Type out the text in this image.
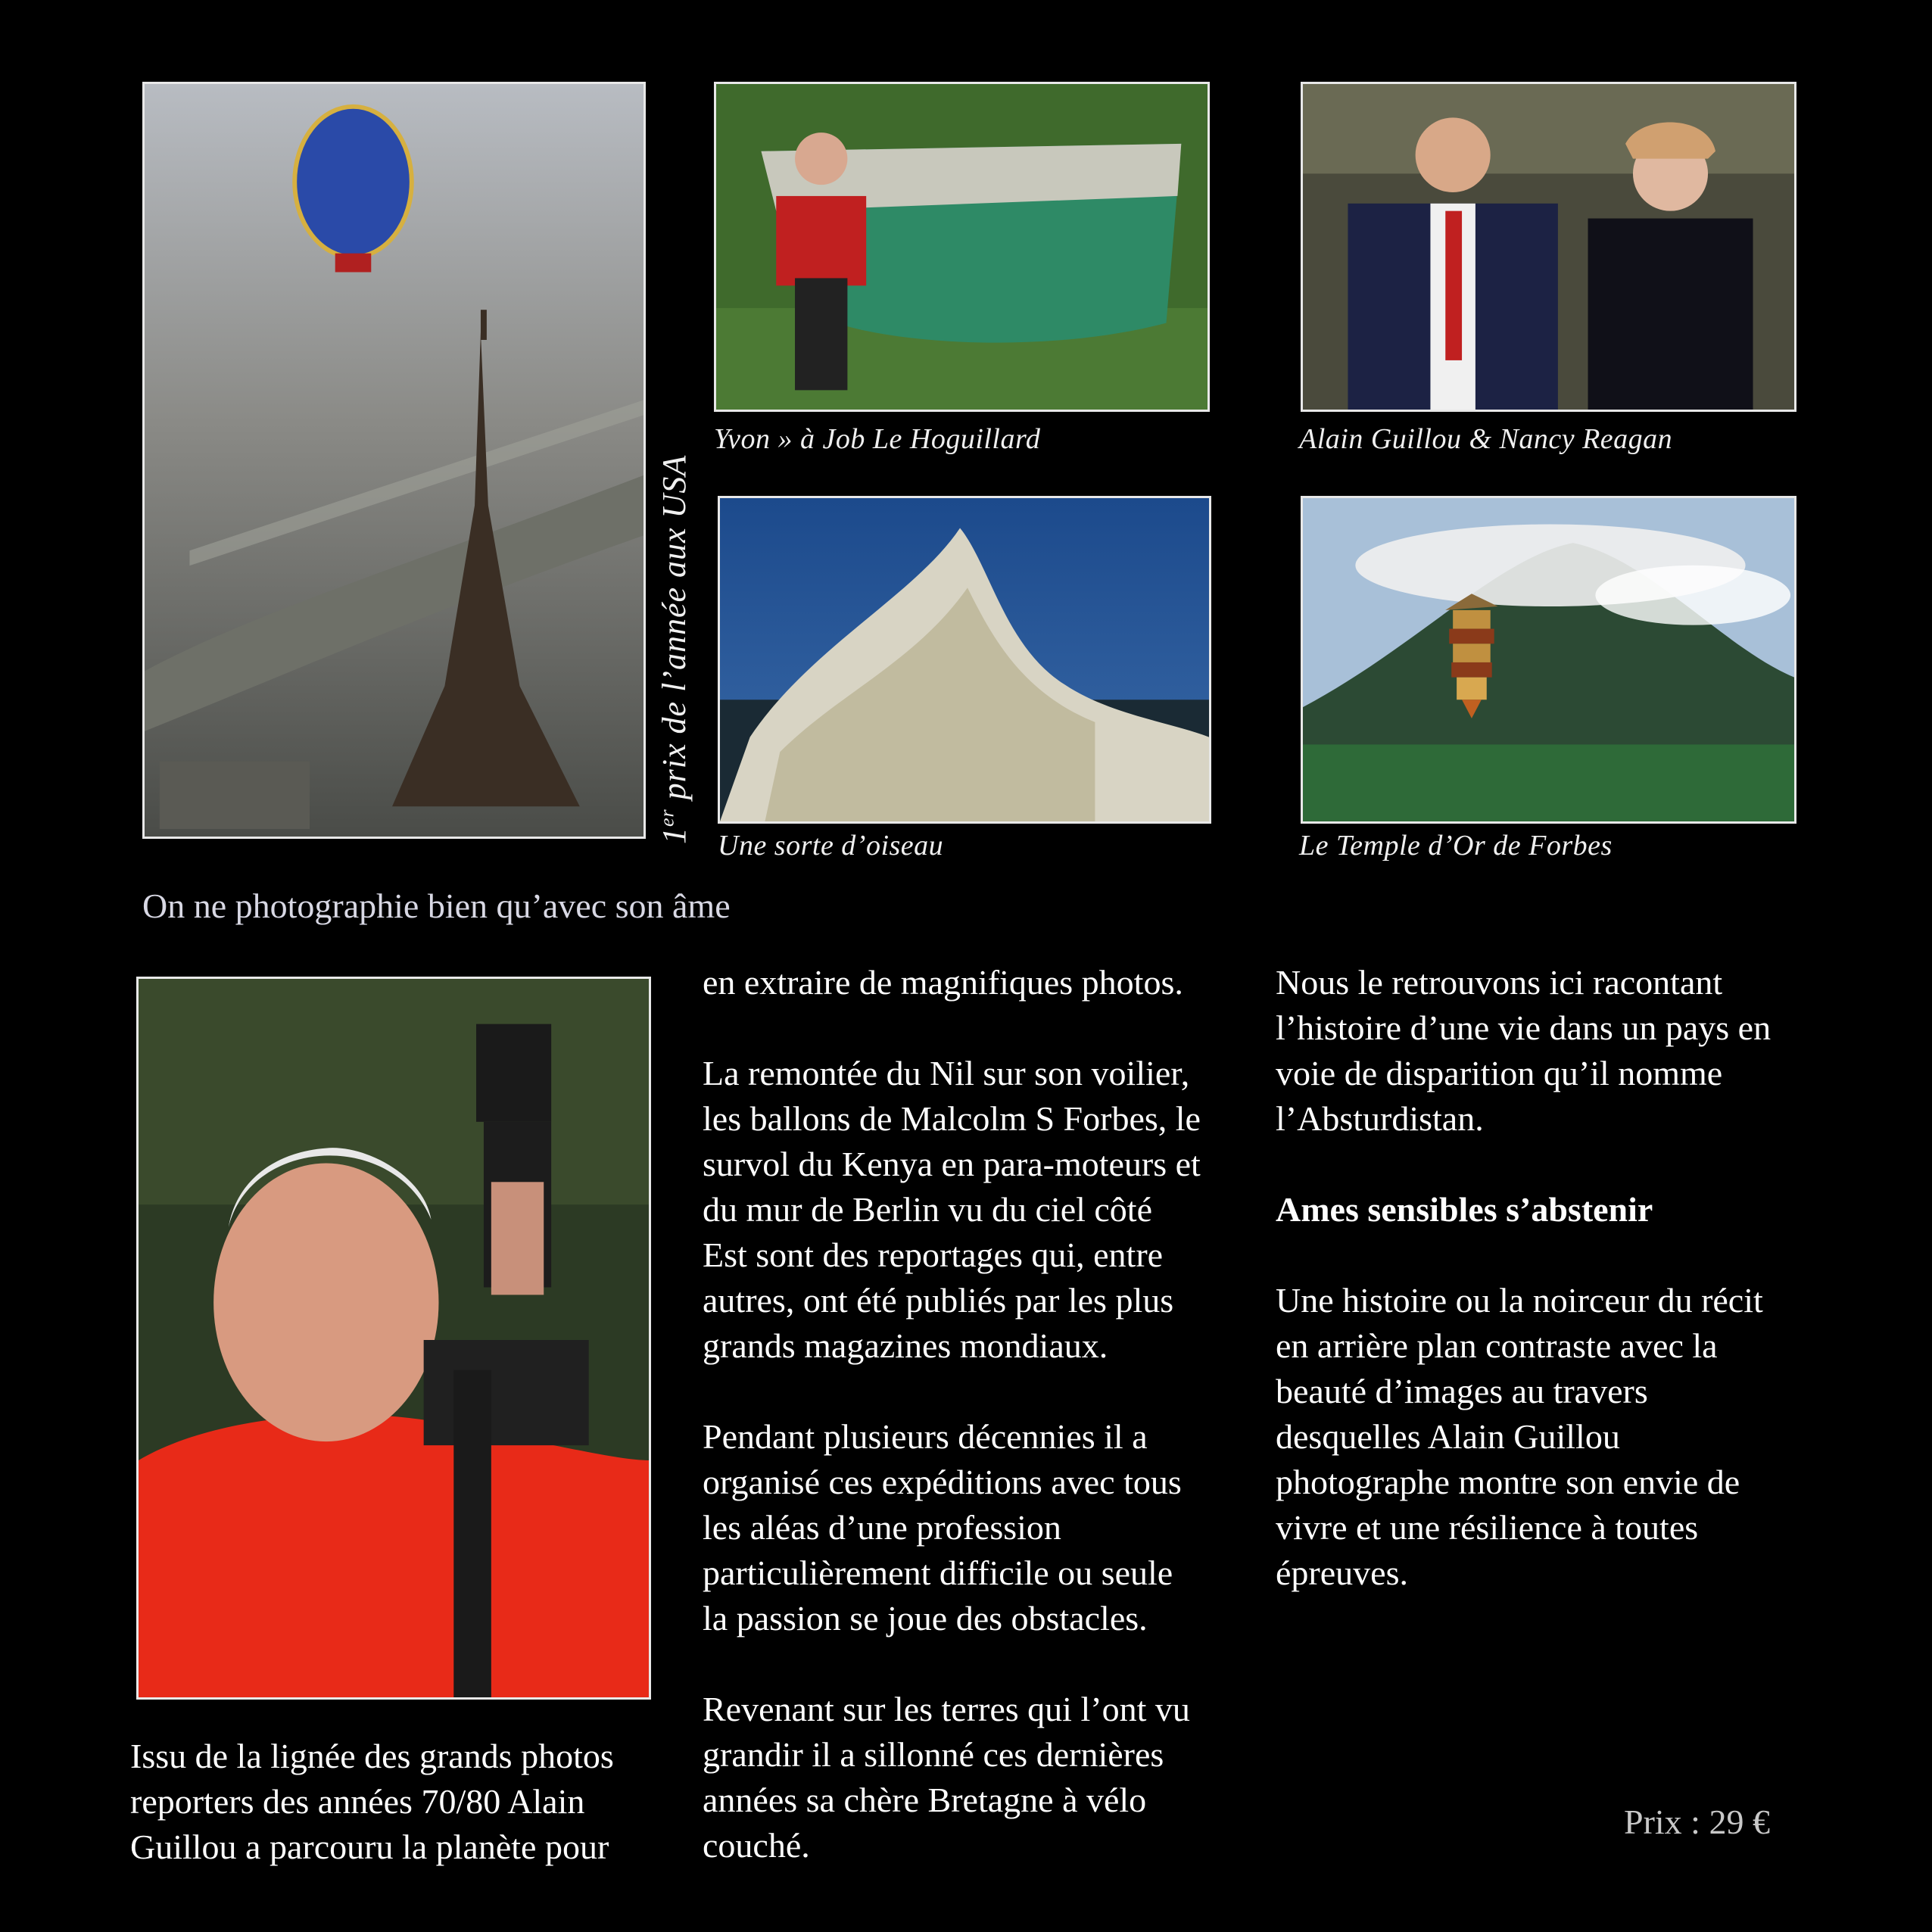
1er prix de l’année aux USA
Yvon » à Job Le Hoguillard	Alain Guillou & Nancy Reagan
Une sorte d’oiseau	Le Temple d’Or de Forbes
On ne photographie bien qu’avec son âme

Issu de la lignée des grands photos
reporters des années 70/80 Alain
Guillou a parcouru la planète pour

en extraire de magnifiques photos.

La remontée du Nil sur son voilier,
les ballons de Malcolm S Forbes, le
survol du Kenya en para-moteurs et
du mur de Berlin vu du ciel côté
Est sont des reportages qui, entre
autres, ont été publiés par les plus
grands magazines mondiaux.

Pendant plusieurs décennies il a
organisé ces expéditions avec tous
les aléas d’une profession
particulièrement difficile ou seule
la passion se joue des obstacles.

Revenant sur les terres qui l’ont vu
grandir il a sillonné ces dernières
années sa chère Bretagne à vélo
couché.

Nous le retrouvons ici racontant
l’histoire d’une vie dans un pays en
voie de disparition qu’il nomme
l’Absturdistan.

Ames sensibles s’abstenir

Une histoire ou la noirceur du récit
en arrière plan contraste avec la
beauté d’images au travers
desquelles Alain Guillou
photographe montre son envie de
vivre et une résilience à toutes
épreuves.

Prix : 29 €
